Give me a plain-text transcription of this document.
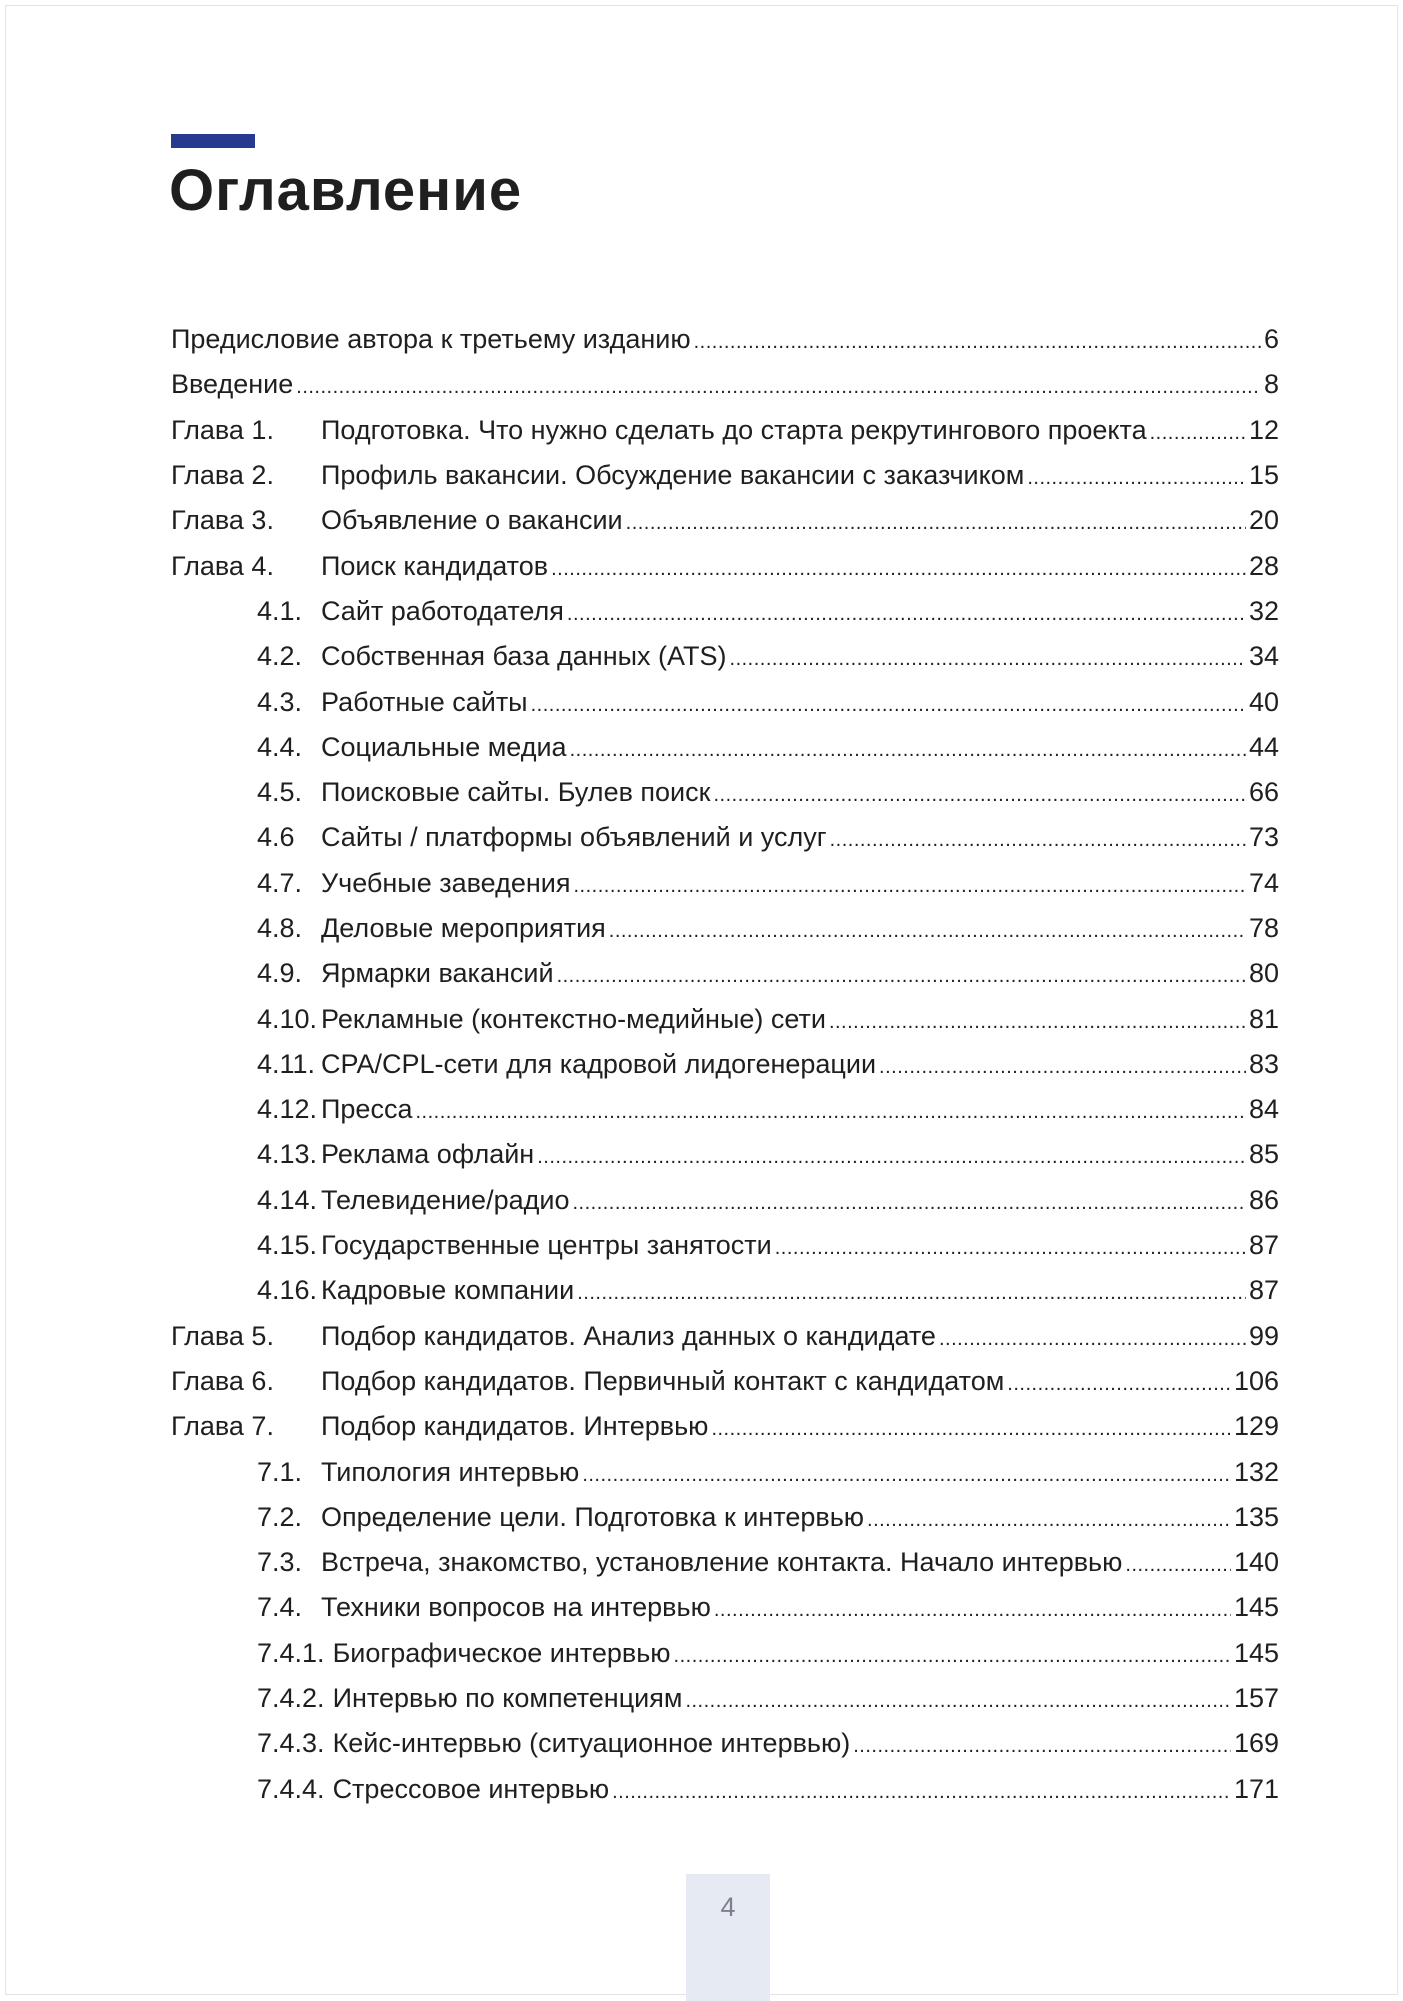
Оглавление
Предисловие автора к третьему изданию .....	6
Введение .....	8
Глава 1.	Подготовка. Что нужно сделать до старта рекрутингового проекта .....	12
Глава 2.	Профиль вакансии. Обсуждение вакансии с заказчиком .....	15
Глава 3.	Объявление о вакансии .....	20
Глава 4.	Поиск кандидатов .....	28
4.1. Сайт работодателя .....	32
4.2. Собственная база данных (ATS) .....	34
4.3. Работные сайты .....	40
4.4. Социальные медиа .....	44
4.5. Поисковые сайты. Булев поиск .....	66
4.6 Сайты / платформы объявлений и услуг .....	73
4.7. Учебные заведения .....	74
4.8. Деловые мероприятия .....	78
4.9. Ярмарки вакансий .....	80
4.10. Рекламные (контекстно-медийные) сети .....	81
4.11. CPA/CPL-сети для кадровой лидогенерации .....	83
4.12. Пресса .....	84
4.13. Реклама офлайн .....	85
4.14. Телевидение/радио .....	86
4.15. Государственные центры занятости .....	87
4.16. Кадровые компании .....	87
Глава 5.	Подбор кандидатов. Анализ данных о кандидате .....	99
Глава 6.	Подбор кандидатов. Первичный контакт с кандидатом .....	106
Глава 7.	Подбор кандидатов. Интервью .....	129
7.1. Типология интервью .....	132
7.2. Определение цели. Подготовка к интервью .....	135
7.3. Встреча, знакомство, установление контакта. Начало интервью .....	140
7.4. Техники вопросов на интервью .....	145
7.4.1. Биографическое интервью .....	145
7.4.2. Интервью по компетенциям .....	157
7.4.3. Кейс-интервью (ситуационное интервью) .....	169
7.4.4. Стрессовое интервью .....	171
4
